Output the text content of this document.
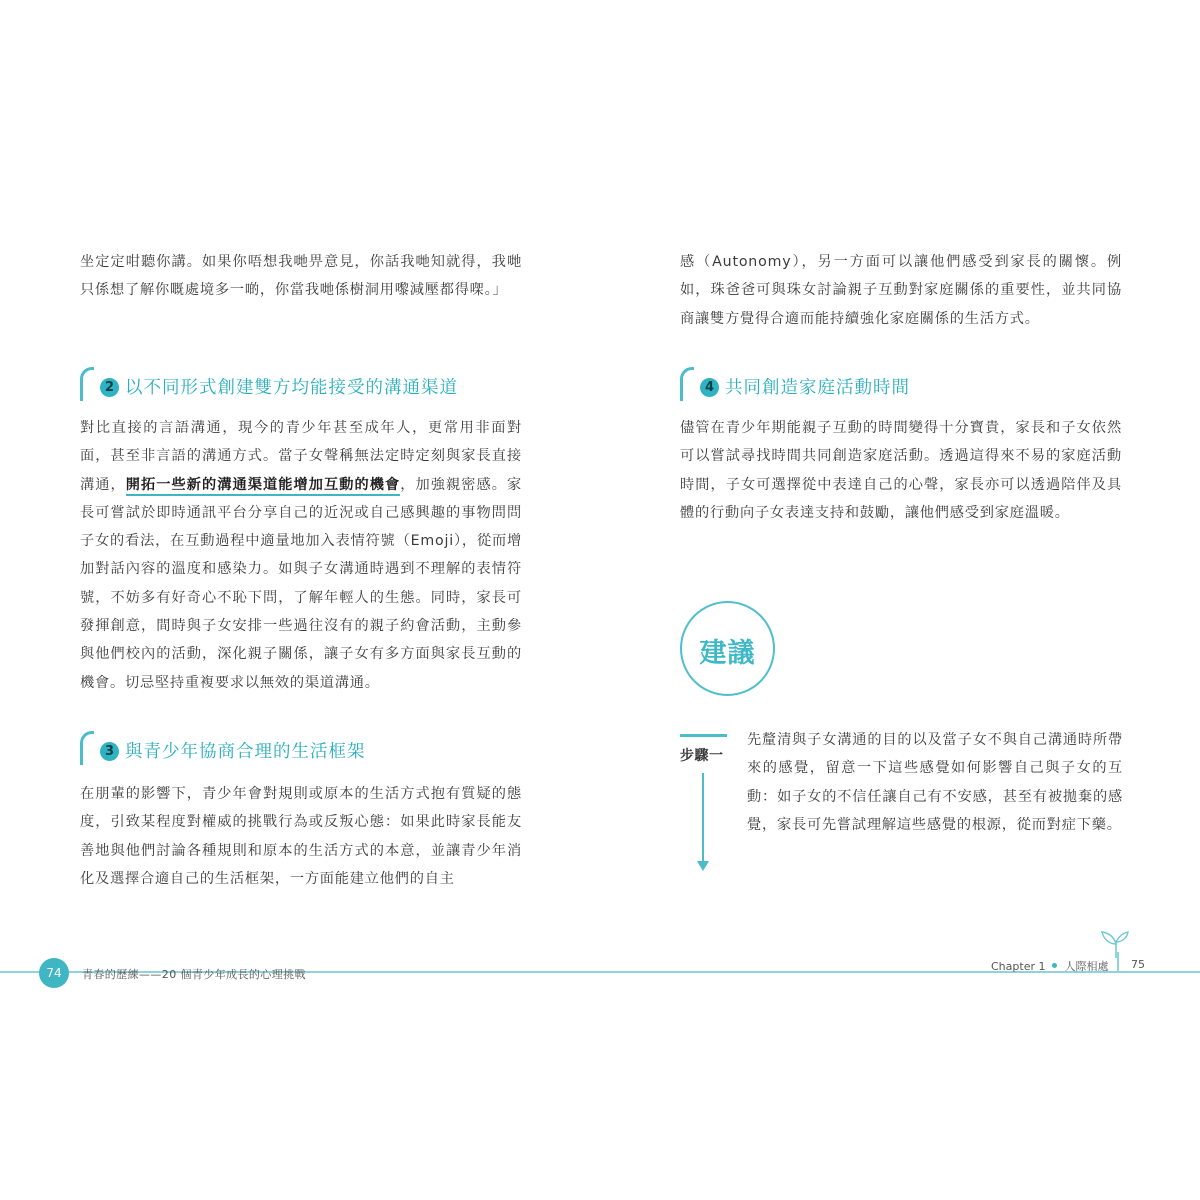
坐定定咁聽你講。如果你唔想我哋畀意見，你話我哋知就得，我哋只係想了解你嘅處境多一啲，你當我哋係樹洞用嚟減壓都得㗎。」

2 以不同形式創建雙方均能接受的溝通渠道

對比直接的言語溝通，現今的青少年甚至成年人，更常用非面對面，甚至非言語的溝通方式。當子女聲稱無法定時定刻與家長直接溝通，開拓一些新的溝通渠道能增加互動的機會，加強親密感。家長可嘗試於即時通訊平台分享自己的近況或自己感興趣的事物問問子女的看法，在互動過程中適量地加入表情符號（Emoji），從而增加對話內容的溫度和感染力。如與子女溝通時遇到不理解的表情符號，不妨多有好奇心不恥下問，了解年輕人的生態。同時，家長可發揮創意，間時與子女安排一些過往沒有的親子約會活動，主動參與他們校內的活動，深化親子關係，讓子女有多方面與家長互動的機會。切忌堅持重複要求以無效的渠道溝通。

3 與青少年協商合理的生活框架

在朋輩的影響下，青少年會對規則或原本的生活方式抱有質疑的態度，引致某程度對權威的挑戰行為或反叛心態：如果此時家長能友善地與他們討論各種規則和原本的生活方式的本意，並讓青少年消化及選擇合適自己的生活框架，一方面能建立他們的自主

感（Autonomy），另一方面可以讓他們感受到家長的關懷。例如，珠爸爸可與珠女討論親子互動對家庭關係的重要性，並共同協商讓雙方覺得合適而能持續強化家庭關係的生活方式。

4 共同創造家庭活動時間

儘管在青少年期能親子互動的時間變得十分寶貴，家長和子女依然可以嘗試尋找時間共同創造家庭活動。透過這得來不易的家庭活動時間，子女可選擇從中表達自己的心聲，家長亦可以透過陪伴及具體的行動向子女表達支持和鼓勵，讓他們感受到家庭溫暖。

建議
步驟一

先釐清與子女溝通的目的以及當子女不與自己溝通時所帶來的感覺，留意一下這些感覺如何影響自己與子女的互動：如子女的不信任讓自己有不安感，甚至有被拋棄的感覺，家長可先嘗試理解這些感覺的根源，從而對症下藥。

74	青春的歷練——20 個青少年成長的心理挑戰
Chapter 1 人際相處 75
